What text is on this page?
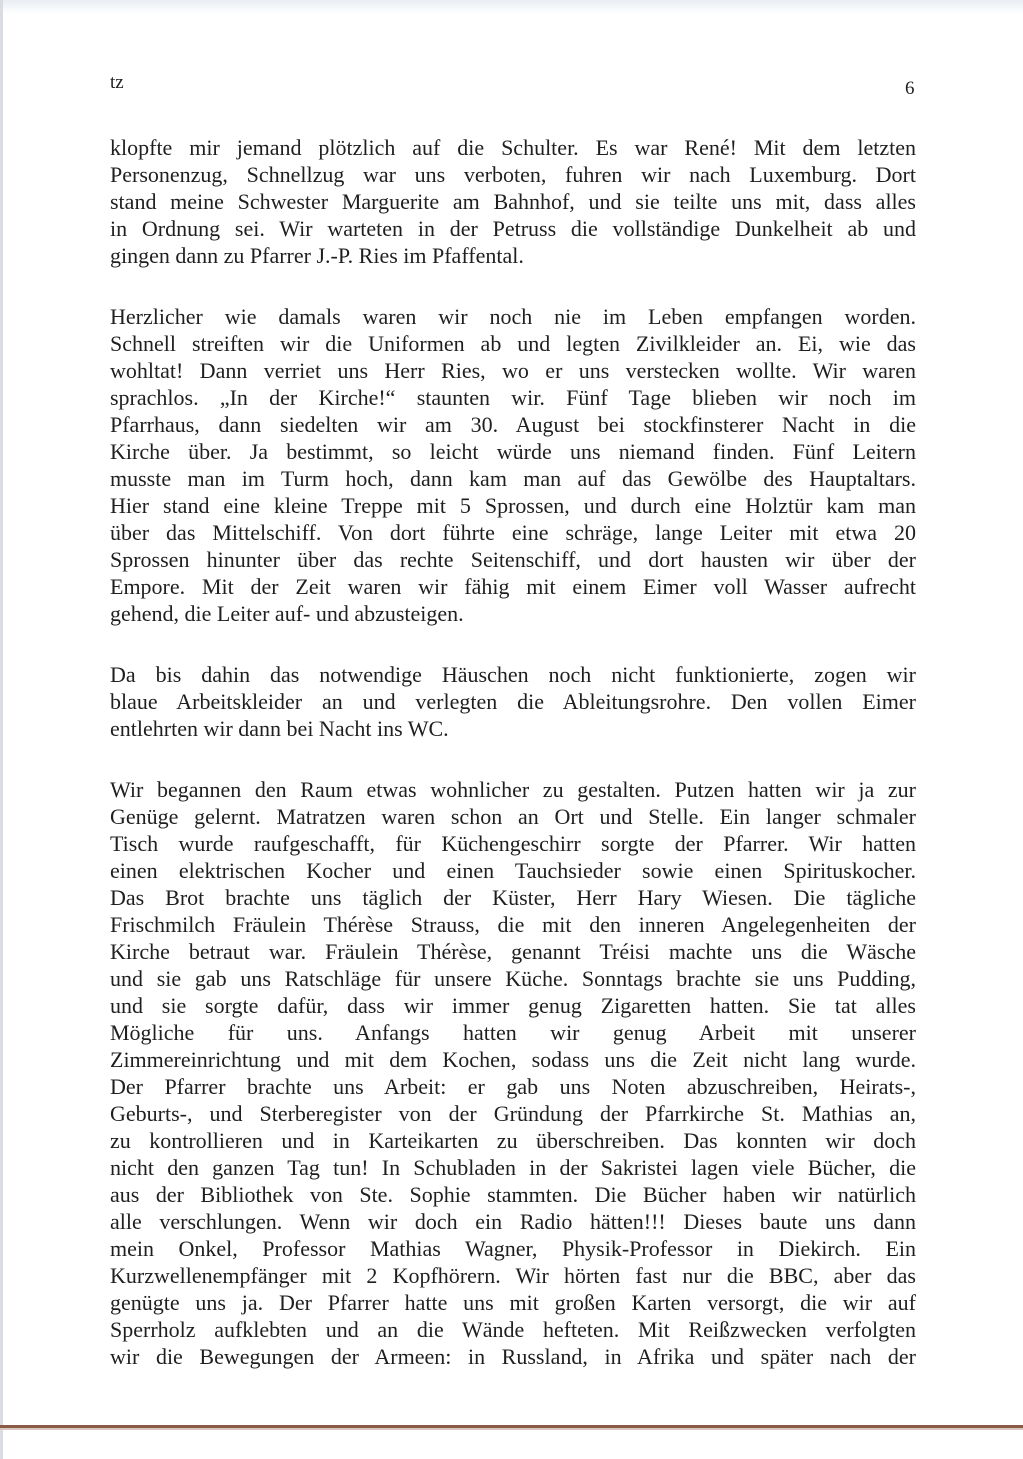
tz	6
klopfte mir jemand plötzlich auf die Schulter. Es war René! Mit dem letzten
Personenzug, Schnellzug war uns verboten, fuhren wir nach Luxemburg. Dort
stand meine Schwester Marguerite am Bahnhof, und sie teilte uns mit, dass alles
in Ordnung sei. Wir warteten in der Petruss die vollständige Dunkelheit ab und
gingen dann zu Pfarrer J.-P. Ries im Pfaffental.
Herzlicher wie damals waren wir noch nie im Leben empfangen worden.
Schnell streiften wir die Uniformen ab und legten Zivilkleider an. Ei, wie das
wohltat! Dann verriet uns Herr Ries, wo er uns verstecken wollte. Wir waren
sprachlos. „In der Kirche!“ staunten wir. Fünf Tage blieben wir noch im
Pfarrhaus, dann siedelten wir am 30. August bei stockfinsterer Nacht in die
Kirche über. Ja bestimmt, so leicht würde uns niemand finden. Fünf Leitern
musste man im Turm hoch, dann kam man auf das Gewölbe des Hauptaltars.
Hier stand eine kleine Treppe mit 5 Sprossen, und durch eine Holztür kam man
über das Mittelschiff. Von dort führte eine schräge, lange Leiter mit etwa 20
Sprossen hinunter über das rechte Seitenschiff, und dort hausten wir über der
Empore. Mit der Zeit waren wir fähig mit einem Eimer voll Wasser aufrecht
gehend, die Leiter auf- und abzusteigen.
Da bis dahin das notwendige Häuschen noch nicht funktionierte, zogen wir
blaue Arbeitskleider an und verlegten die Ableitungsrohre. Den vollen Eimer
entlehrten wir dann bei Nacht ins WC.
Wir begannen den Raum etwas wohnlicher zu gestalten. Putzen hatten wir ja zur
Genüge gelernt. Matratzen waren schon an Ort und Stelle. Ein langer schmaler
Tisch wurde raufgeschafft, für Küchengeschirr sorgte der Pfarrer. Wir hatten
einen elektrischen Kocher und einen Tauchsieder sowie einen Spirituskocher.
Das Brot brachte uns täglich der Küster, Herr Hary Wiesen. Die tägliche
Frischmilch Fräulein Thérèse Strauss, die mit den inneren Angelegenheiten der
Kirche betraut war. Fräulein Thérèse, genannt Tréisi machte uns die Wäsche
und sie gab uns Ratschläge für unsere Küche. Sonntags brachte sie uns Pudding,
und sie sorgte dafür, dass wir immer genug Zigaretten hatten. Sie tat alles
Mögliche für uns. Anfangs hatten wir genug Arbeit mit unserer
Zimmereinrichtung und mit dem Kochen, sodass uns die Zeit nicht lang wurde.
Der Pfarrer brachte uns Arbeit: er gab uns Noten abzuschreiben, Heirats-,
Geburts-, und Sterberegister von der Gründung der Pfarrkirche St. Mathias an,
zu kontrollieren und in Karteikarten zu überschreiben. Das konnten wir doch
nicht den ganzen Tag tun! In Schubladen in der Sakristei lagen viele Bücher, die
aus der Bibliothek von Ste. Sophie stammten. Die Bücher haben wir natürlich
alle verschlungen. Wenn wir doch ein Radio hätten!!! Dieses baute uns dann
mein Onkel, Professor Mathias Wagner, Physik-Professor in Diekirch. Ein
Kurzwellenempfänger mit 2 Kopfhörern. Wir hörten fast nur die BBC, aber das
genügte uns ja. Der Pfarrer hatte uns mit großen Karten versorgt, die wir auf
Sperrholz aufklebten und an die Wände hefteten. Mit Reißzwecken verfolgten
wir die Bewegungen der Armeen: in Russland, in Afrika und später nach der
